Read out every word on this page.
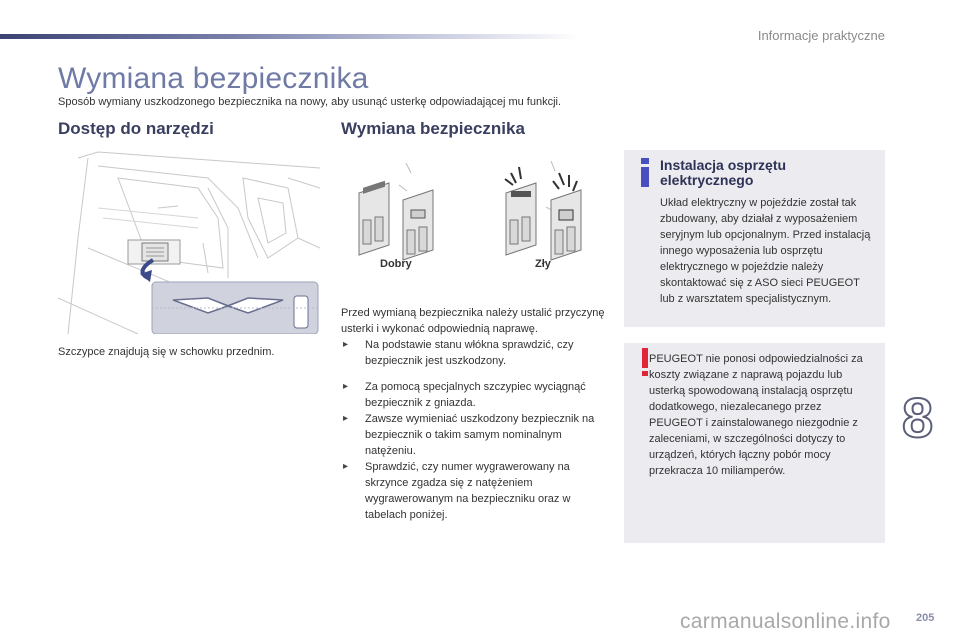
Informacje praktyczne
Wymiana bezpiecznika
Sposób wymiany uszkodzonego bezpiecznika na nowy, aby usunąć usterkę odpowiadającej mu funkcji.
Dostęp do narzędzi	Wymiana bezpiecznika
Szczypce znajdują się w schowku przednim.
Dobry	Zły

Przed wymianą bezpiecznika należy ustalić przyczynę usterki i wykonać odpowiednią naprawę.

▸ Na podstawie stanu włókna sprawdzić, czy bezpiecznik jest uszkodzony.
▸ Za pomocą specjalnych szczypiec wyciągnąć bezpiecznik z gniazda.
▸ Zawsze wymieniać uszkodzony bezpiecznik na bezpiecznik o takim samym nominalnym natężeniu.
▸ Sprawdzić, czy numer wygrawerowany na skrzynce zgadza się z natężeniem wygrawerowanym na bezpieczniku oraz w tabelach poniżej.
Instalacja osprzętu elektrycznego

Układ elektryczny w pojeździe został tak zbudowany, aby działał z wyposażeniem seryjnym lub opcjonalnym. Przed instalacją innego wyposażenia lub osprzętu elektrycznego w pojeździe należy skontaktować się z ASO sieci PEUGEOT lub z warsztatem specjalistycznym.

PEUGEOT nie ponosi odpowiedzialności za koszty związane z naprawą pojazdu lub usterką spowodowaną instalacją osprzętu dodatkowego, niezalecanego przez PEUGEOT i zainstalowanego niezgodnie z zaleceniami, w szczególności dotyczy to urządzeń, których łączny pobór mocy przekracza 10 miliamperów.

8
205
carmanualsonline.info
